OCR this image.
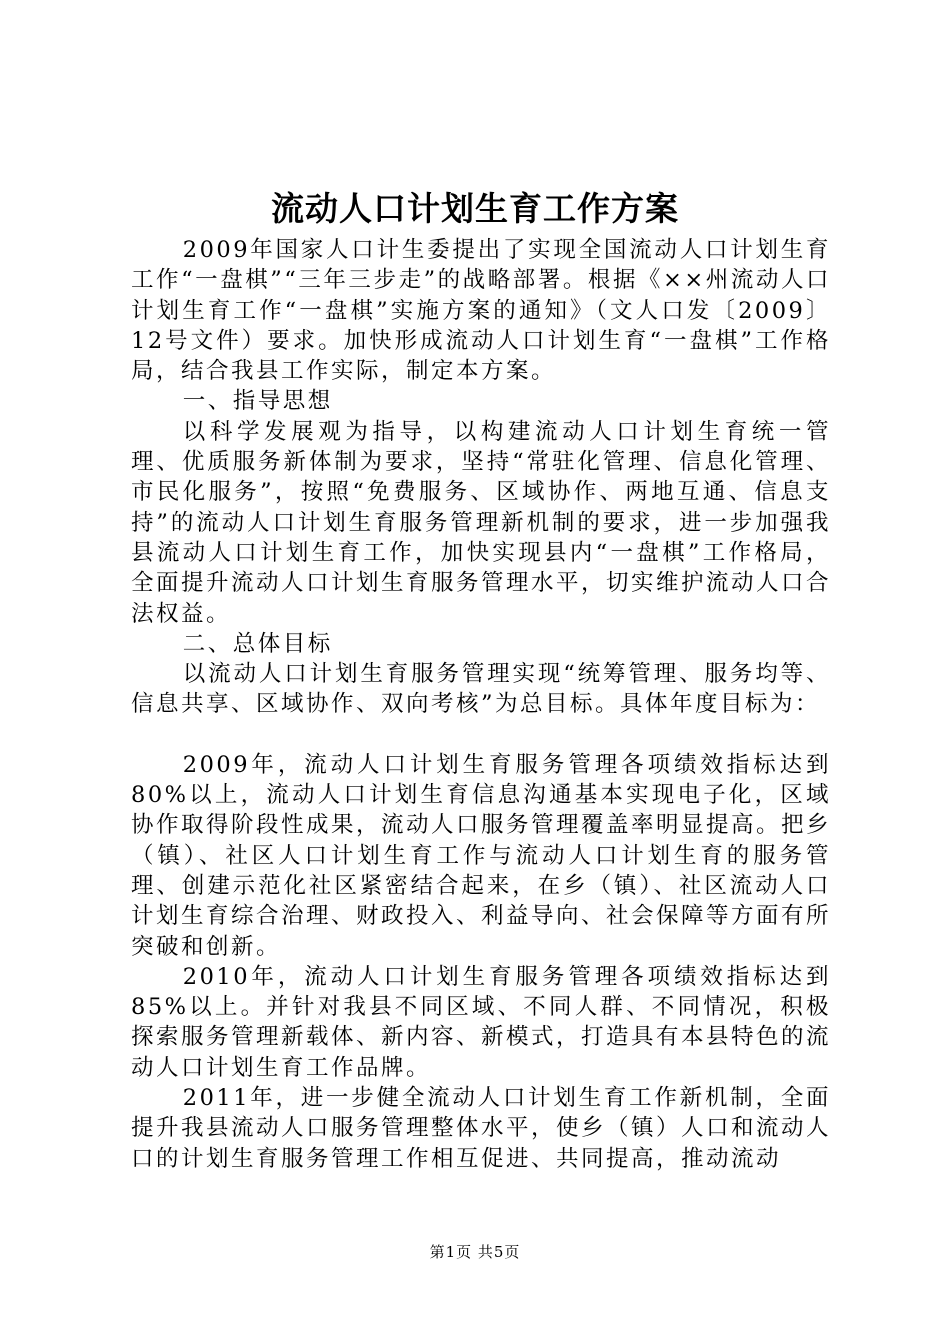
流动人口计划生育工作方案

2009年国家人口计生委提出了实现全国流动人口计划生育工作“一盘棋”“三年三步走”的战略部署。根据《××州流动人口计划生育工作“一盘棋”实施方案的通知》（文人口发〔2009〕12号文件）要求。加快形成流动人口计划生育“一盘棋”工作格局，结合我县工作实际，制定本方案。

一、指导思想

以科学发展观为指导，以构建流动人口计划生育统一管理、优质服务新体制为要求，坚持“常驻化管理、信息化管理、市民化服务”，按照“免费服务、区域协作、两地互通、信息支持”的流动人口计划生育服务管理新机制的要求，进一步加强我县流动人口计划生育工作，加快实现县内“一盘棋”工作格局，全面提升流动人口计划生育服务管理水平，切实维护流动人口合法权益。

二、总体目标

以流动人口计划生育服务管理实现“统筹管理、服务均等、信息共享、区域协作、双向考核”为总目标。具体年度目标为：

2009年，流动人口计划生育服务管理各项绩效指标达到80%以上，流动人口计划生育信息沟通基本实现电子化，区域协作取得阶段性成果，流动人口服务管理覆盖率明显提高。把乡（镇）、社区人口计划生育工作与流动人口计划生育的服务管理、创建示范化社区紧密结合起来，在乡（镇）、社区流动人口计划生育综合治理、财政投入、利益导向、社会保障等方面有所突破和创新。

2010年，流动人口计划生育服务管理各项绩效指标达到85%以上。并针对我县不同区域、不同人群、不同情况，积极探索服务管理新载体、新内容、新模式，打造具有本县特色的流动人口计划生育工作品牌。

2011年，进一步健全流动人口计划生育工作新机制，全面提升我县流动人口服务管理整体水平，使乡（镇）人口和流动人口的计划生育服务管理工作相互促进、共同提高，推动流动

第1页 共5页
